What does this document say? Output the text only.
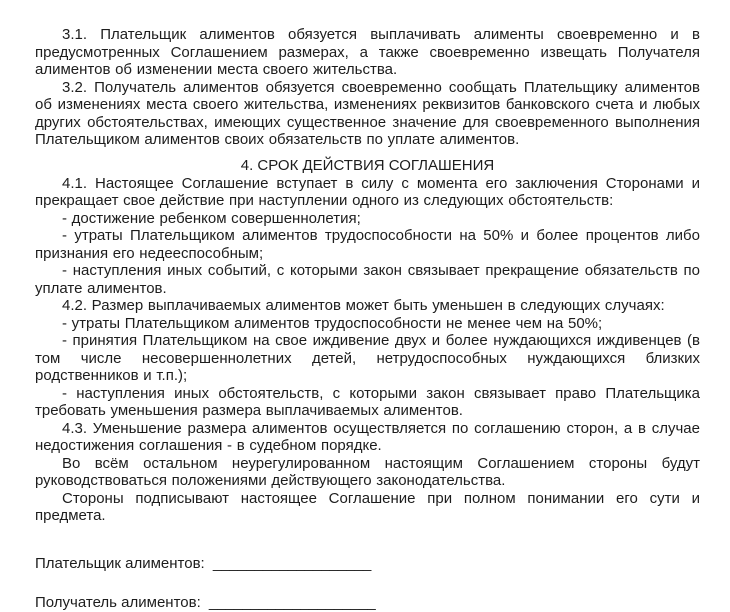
3.1. Плательщик алиментов обязуется выплачивать алименты своевременно и в предусмотренных Соглашением размерах, а также своевременно извещать Получателя алиментов об изменении места своего жительства.

3.2. Получатель алиментов обязуется своевременно сообщать Плательщику алиментов об изменениях места своего жительства, изменениях реквизитов банковского счета и любых других обстоятельствах, имеющих существенное значение для своевременного выполнения Плательщиком алиментов своих обязательств по уплате алиментов.

4. СРОК ДЕЙСТВИЯ СОГЛАШЕНИЯ

4.1. Настоящее Соглашение вступает в силу с момента его заключения Сторонами и прекращает свое действие при наступлении одного из следующих обстоятельств:

- достижение ребенком совершеннолетия;

- утраты Плательщиком алиментов трудоспособности на 50% и более процентов либо признания его недееспособным;

- наступления иных событий, с которыми закон связывает прекращение обязательств по уплате алиментов.

4.2. Размер выплачиваемых алиментов может быть уменьшен в следующих случаях:

- утраты Плательщиком алиментов трудоспособности не менее чем на 50%;

- принятия Плательщиком на свое иждивение двух и более нуждающихся иждивенцев (в том числе несовершеннолетних детей, нетрудоспособных нуждающихся близких родственников и т.п.);

- наступления иных обстоятельств, с которыми закон связывает право Плательщика требовать уменьшения размера выплачиваемых алиментов.

4.3. Уменьшение размера алиментов осуществляется по соглашению сторон, а в случае недостижения соглашения - в судебном порядке.

Во всём остальном неурегулированном настоящим Соглашением стороны будут руководствоваться положениями действующего законодательства.

Стороны подписывают настоящее Соглашение при полном понимании его сути и предмета.

Плательщик алиментов: ___________________
Получатель алиментов: ____________________
